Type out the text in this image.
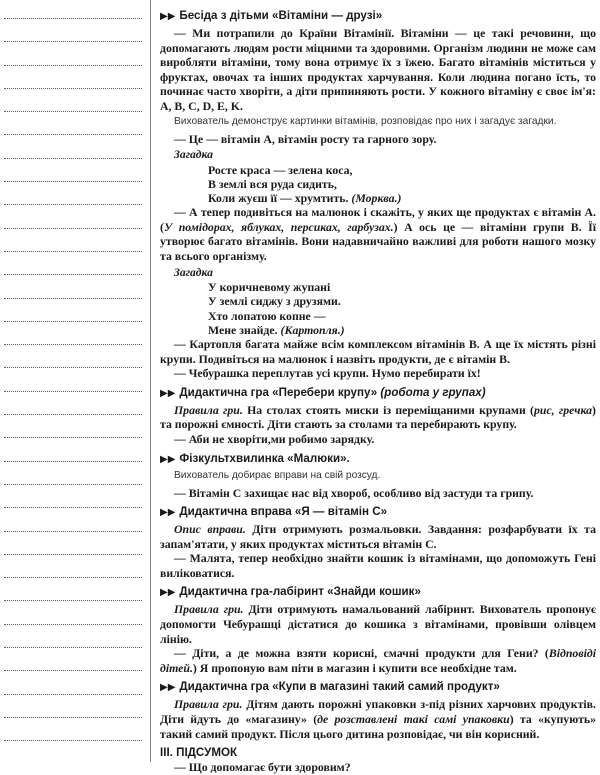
▶▶ Бесіда з дітьми «Вітаміни — друзі»

— Ми потрапили до Країни Вітамінії. Вітаміни — це такі речовини, що допомагають людям рости міцними та здоровими. Організм людини не може сам виробляти вітаміни, тому вона отримує їх з їжею. Багато вітамінів міститься у фруктах, овочах та інших продуктах харчування. Коли людина погано їсть, то починає часто хворіти, а діти припиняють рости. У кожного вітаміну є своє ім'я: A, B, C, D, E, K.

Вихователь демонструє картинки вітамінів, розповідає про них і загадує загадки.

— Це — вітамін А, вітамін росту та гарного зору.

Загадка

Росте краса — зелена коса,

В землі вся руда сидить,

Коли жуєш її — хрумтить. (Морква.)

— А тепер подивіться на малюнок і скажіть, у яких ще продуктах є вітамін А. (У помідорах, яблуках, персиках, гарбузах.) А ось це — вітаміни групи В. Її утворює багато вітамінів. Вони надавничайно важливі для роботи нашого мозку та всього організму.

Загадка

У коричневому жупані

У землі сиджу з друзями.

Хто лопатою копне —

Мене знайде. (Картопля.)

— Картопля багата майже всім комплексом вітамінів В. А ще їх містять різні крупи. Подивіться на малюнок і назвіть продукти, де є вітамін В.

— Чебурашка переплутав усі крупи. Нумо перебирати їх!

▶▶ Дидактична гра «Перебери крупу» (робота у групах)

Правила гри. На столах стоять миски із переміщаними крупами (рис, гречка) та порожні ємності. Діти стають за столами та перебирають крупу.

— Аби не хворіти,ми робимо зарядку.

▶▶ Фізкультхвилинка «Малюки».
Вихователь добирає вправи на свій розсуд.

— Вітамін С захищає нас від хвороб, особливо від застуди та грипу.

▶▶ Дидактична вправа «Я — вітамін С»

Опис вправи. Діти отримують розмальовки. Завдання: розфарбувати їх та запам'ятати, у яких продуктах міститься вітамін С.

— Малята, тепер необхідно знайти кошик із вітамінами, що допоможуть Гені виліковатися.

▶▶ Дидактична гра-лабіринт «Знайди кошик»

Правила гри. Діти отримують намальований лабіринт. Вихователь пропонує допомогти Чебурашці дістатися до кошика з вітамінами, провівши олівцем лінію.

— Діти, а де можна взяти корисні, смачні продукти для Гени? (Відповіді дітей.) Я пропоную вам піти в магазин і купити все необхідне там.

▶▶ Дидактична гра «Купи в магазині такий самий продукт»

Правила гри. Дітям дають порожні упаковки з-під різних харчових продуктів. Діти йдуть до «магазину» (де розставлені такі самі упаковки) та «купують» такий самий продукт. Після цього дитина розповідає, чи він корисний.

III. ПІДСУМОК

— Що допомагає бути здоровим?
